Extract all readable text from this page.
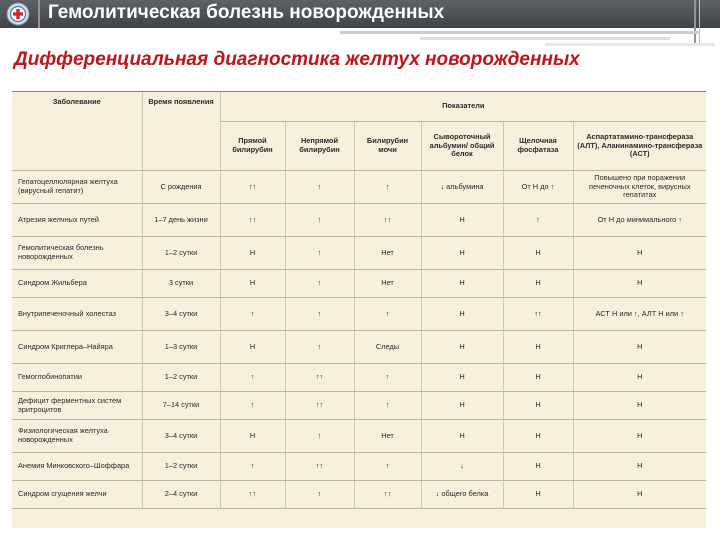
Гемолитическая болезнь новорожденных
Дифференциальная диагностика желтух новорожденных
Заболевание	Время появления	Показатели					
		Прямой билирубин	Непрямой билирубин	Билирубин мочи	Сывороточный альбумин/ общий белок	Щелочная фосфатаза	Аспартатамино-трансфераза (АЛТ), Аланинамино-трансфераза (АСТ)
Гепатоцеллюлярная желтуха (вирусный гепатит)	С рождения	↑↑	↑	↑	↓ альбумина	От Н до ↑	Повышено при поражении печеночных клеток, вирусных гепатитах
Атрезия желчных путей	1–7 день жизни	↑↑	↑	↑↑	Н	↑	От Н до минимального ↑
Гемолитическая болезнь новорожденных	1–2 сутки	Н	↑	Нет	Н	Н	Н
Синдром Жильбера	3 сутки	Н	↑	Нет	Н	Н	Н
Внутрипеченочный холестаз	3–4 сутки	↑	↑	↑	Н	↑↑	АСТ Н или ↑, АЛТ Н или ↑
Синдром Криглера–Найяра	1–3 сутки	Н	↑	Следы	Н	Н	Н
Гемоглобинопатии	1–2 сутки	↑	↑↑	↑	Н	Н	Н
Дефицит ферментных систем эритроцитов	7–14 сутки	↑	↑↑	↑	Н	Н	Н
Физиологическая желтуха новорожденных	3–4 сутки	Н	↑	Нет	Н	Н	Н
Анемия Минковского–Шоффара	1–2 сутки	↑	↑↑	↑	↓	Н	Н
Синдром сгущения желчи	2–4 сутки	↑↑	↑	↑↑	↓ общего белка	Н	Н
